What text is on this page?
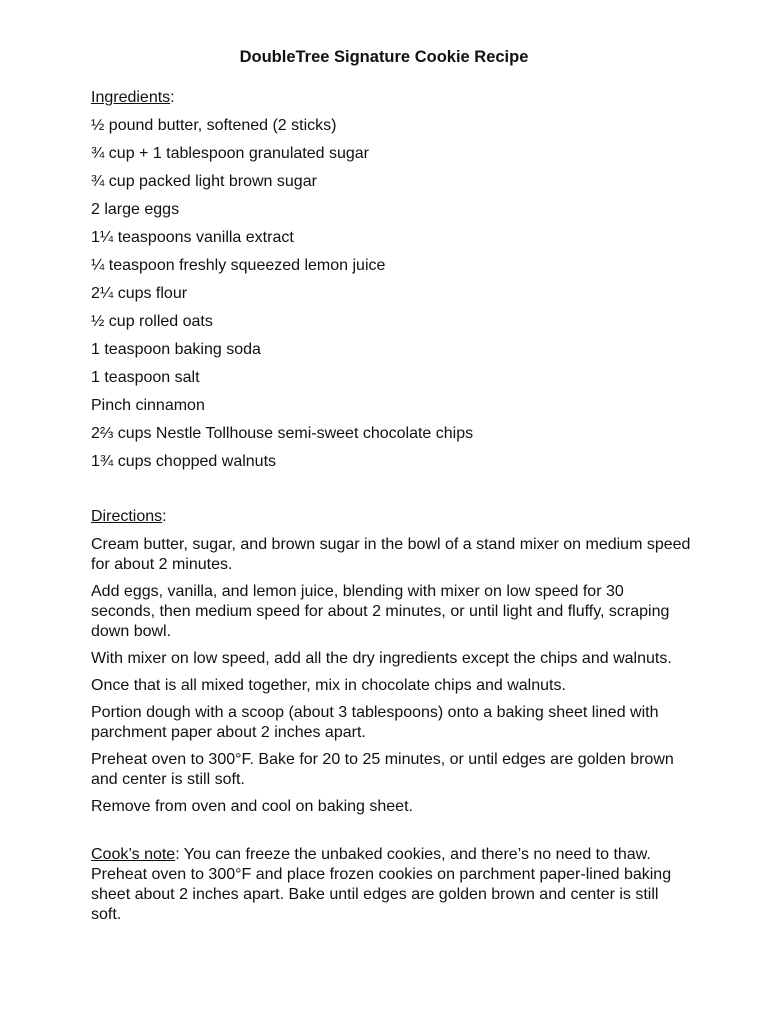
DoubleTree Signature Cookie Recipe
Ingredients:
½ pound butter, softened (2 sticks)
¾ cup + 1 tablespoon granulated sugar
¾ cup packed light brown sugar
2 large eggs
1¼ teaspoons vanilla extract
¼ teaspoon freshly squeezed lemon juice
2¼ cups flour
½ cup rolled oats
1 teaspoon baking soda
1 teaspoon salt
Pinch cinnamon
2⅔ cups Nestle Tollhouse semi-sweet chocolate chips
1¾ cups chopped walnuts
Directions:
Cream butter, sugar, and brown sugar in the bowl of a stand mixer on medium speed for about 2 minutes.
Add eggs, vanilla, and lemon juice, blending with mixer on low speed for 30 seconds, then medium speed for about 2 minutes, or until light and fluffy, scraping down bowl.
With mixer on low speed, add all the dry ingredients except the chips and walnuts.
Once that is all mixed together, mix in chocolate chips and walnuts.
Portion dough with a scoop (about 3 tablespoons) onto a baking sheet lined with parchment paper about 2 inches apart.
Preheat oven to 300°F. Bake for 20 to 25 minutes, or until edges are golden brown and center is still soft.
Remove from oven and cool on baking sheet.
Cook’s note: You can freeze the unbaked cookies, and there’s no need to thaw. Preheat oven to 300°F and place frozen cookies on parchment paper-lined baking sheet about 2 inches apart. Bake until edges are golden brown and center is still soft.
